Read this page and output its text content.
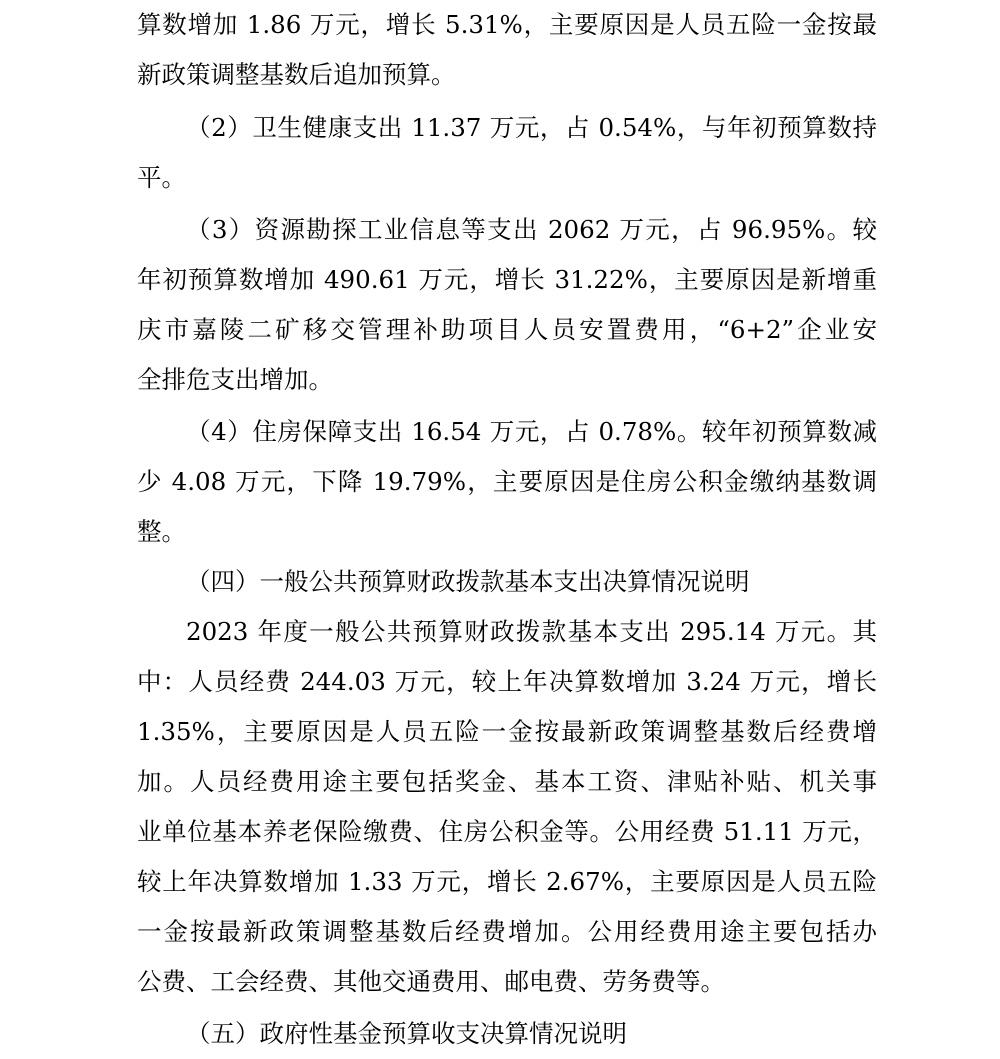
算数增加 1.86 万元，增长 5.31%，主要原因是人员五险一金按最
新政策调整基数后追加预算。
（2）卫生健康支出 11.37 万元，占 0.54%，与年初预算数持
平。
（3）资源勘探工业信息等支出 2062 万元，占 96.95%。较
年初预算数增加 490.61 万元，增长 31.22%，主要原因是新增重
庆市嘉陵二矿移交管理补助项目人员安置费用，“6+2”企业安
全排危支出增加。
（4）住房保障支出 16.54 万元，占 0.78%。较年初预算数减
少 4.08 万元，下降 19.79%，主要原因是住房公积金缴纳基数调
整。
（四）一般公共预算财政拨款基本支出决算情况说明
2023 年度一般公共预算财政拨款基本支出 295.14 万元。其
中：人员经费 244.03 万元，较上年决算数增加 3.24 万元，增长
1.35%，主要原因是人员五险一金按最新政策调整基数后经费增
加。人员经费用途主要包括奖金、基本工资、津贴补贴、机关事
业单位基本养老保险缴费、住房公积金等。公用经费 51.11 万元，
较上年决算数增加 1.33 万元，增长 2.67%，主要原因是人员五险
一金按最新政策调整基数后经费增加。公用经费用途主要包括办
公费、工会经费、其他交通费用、邮电费、劳务费等。
（五）政府性基金预算收支决算情况说明
